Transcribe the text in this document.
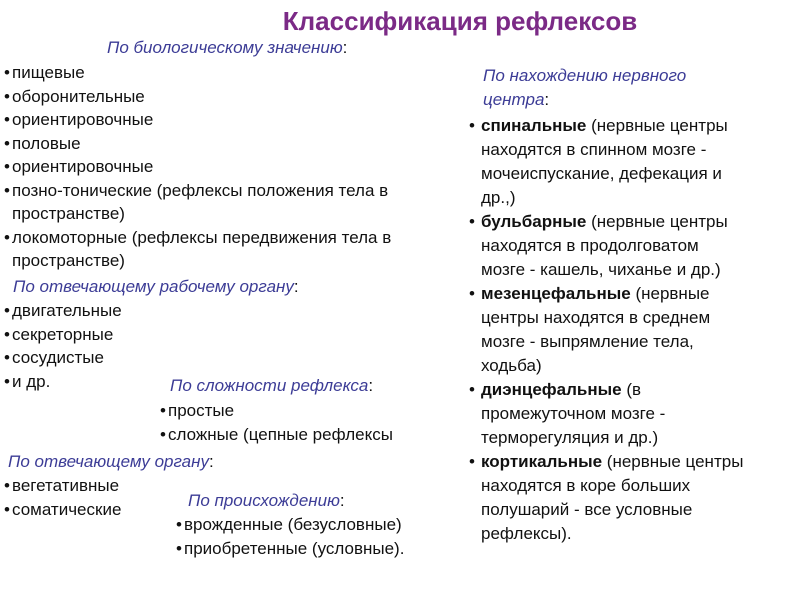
Классификация рефлексов
По биологическому значению:
• пищевые
• оборонительные
• ориентировочные
• половые
• ориентировочные
• позно-тонические (рефлексы положения тела в пространстве)
• локомоторные (рефлексы передвижения тела в пространстве)
По отвечающему рабочему органу:
• двигательные
• секреторные
• сосудистые
• и др.	По сложности рефлекса:
• простые
• сложные (цепные рефлексы
По отвечающему органу:
• вегетативные
• соматические	По происхождению:
• врожденные (безусловные)
• приобретенные (условные).
По нахождению нервного центра:
• спинальные (нервные центры находятся в спинном мозге - мочеиспускание, дефекация и др.,)
• бульбарные (нервные центры находятся в продолговатом мозге - кашель, чиханье и др.)
• мезенцефальные (нервные центры находятся в среднем мозге - выпрямление тела, ходьба)
• диэнцефальные (в промежуточном мозге - терморегуляция и др.)
• кортикальные (нервные центры находятся в коре больших полушарий - все условные рефлексы).
